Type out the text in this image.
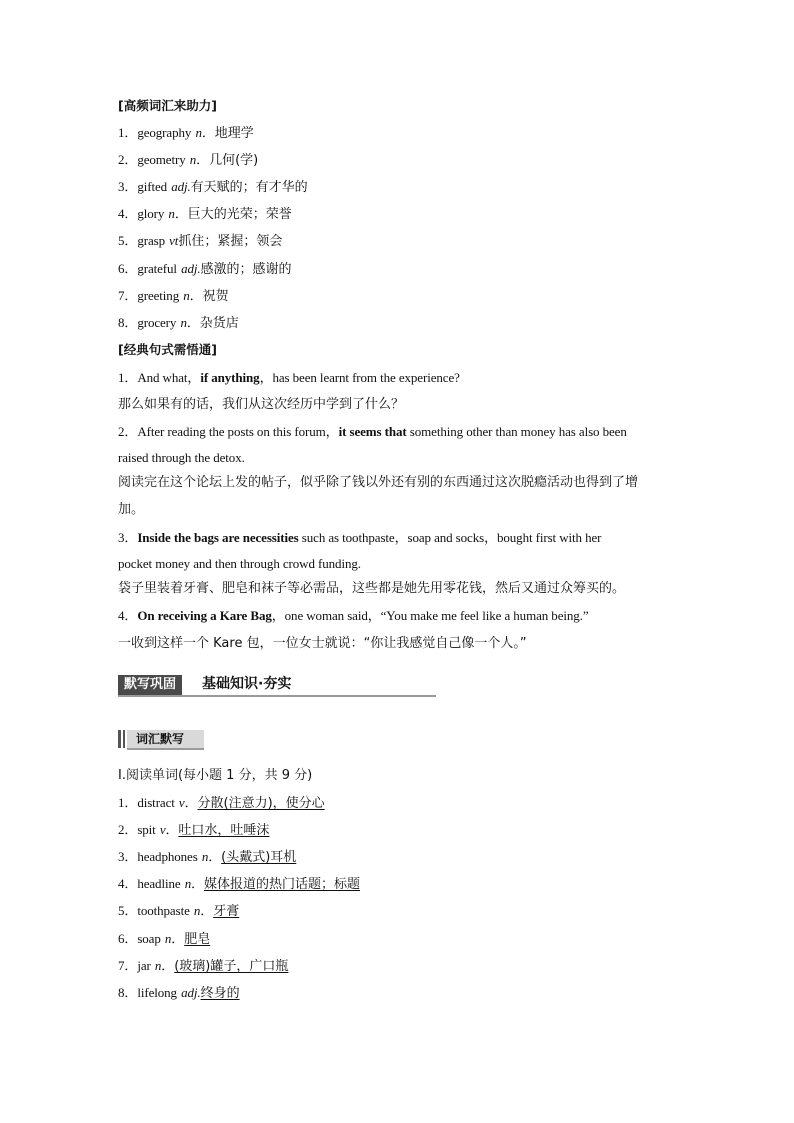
[高频词汇来助力]
1．geography n．地理学
2．geometry n．几何(学)
3．gifted adj.有天赋的；有才华的
4．glory n．巨大的光荣；荣誉
5．grasp vt抓住；紧握；领会
6．grateful adj.感激的；感谢的
7．greeting n．祝贺
8．grocery n．杂货店
[经典句式需悟通]
1．And what，if anything，has been learnt from the experience?
那么如果有的话，我们从这次经历中学到了什么？
2．After reading the posts on this forum，it seems that something other than money has also been
raised through the detox.
阅读完在这个论坛上发的帖子，似乎除了钱以外还有别的东西通过这次脱瘾活动也得到了增
加。
3．Inside the bags are necessities such as toothpaste，soap and socks，bought first with her
pocket money and then through crowd funding.
袋子里装着牙膏、肥皂和袜子等必需品，这些都是她先用零花钱，然后又通过众筹买的。
4．On receiving a Kare Bag，one woman said，“You make me feel like a human being.”
一收到这样一个 Kare 包，一位女士就说：“你让我感觉自己像一个人。”
默写巩固	基础知识·夯实
词汇默写
Ⅰ.阅读单词(每小题 1 分，共 9 分)
1．distract v．分散(注意力)，使分心
2．spit v．吐口水，吐唾沫
3．headphones n．(头戴式)耳机
4．headline n．媒体报道的热门话题；标题
5．toothpaste n．牙膏
6．soap n．肥皂
7．jar n．(玻璃)罐子，广口瓶
8．lifelong adj.终身的
